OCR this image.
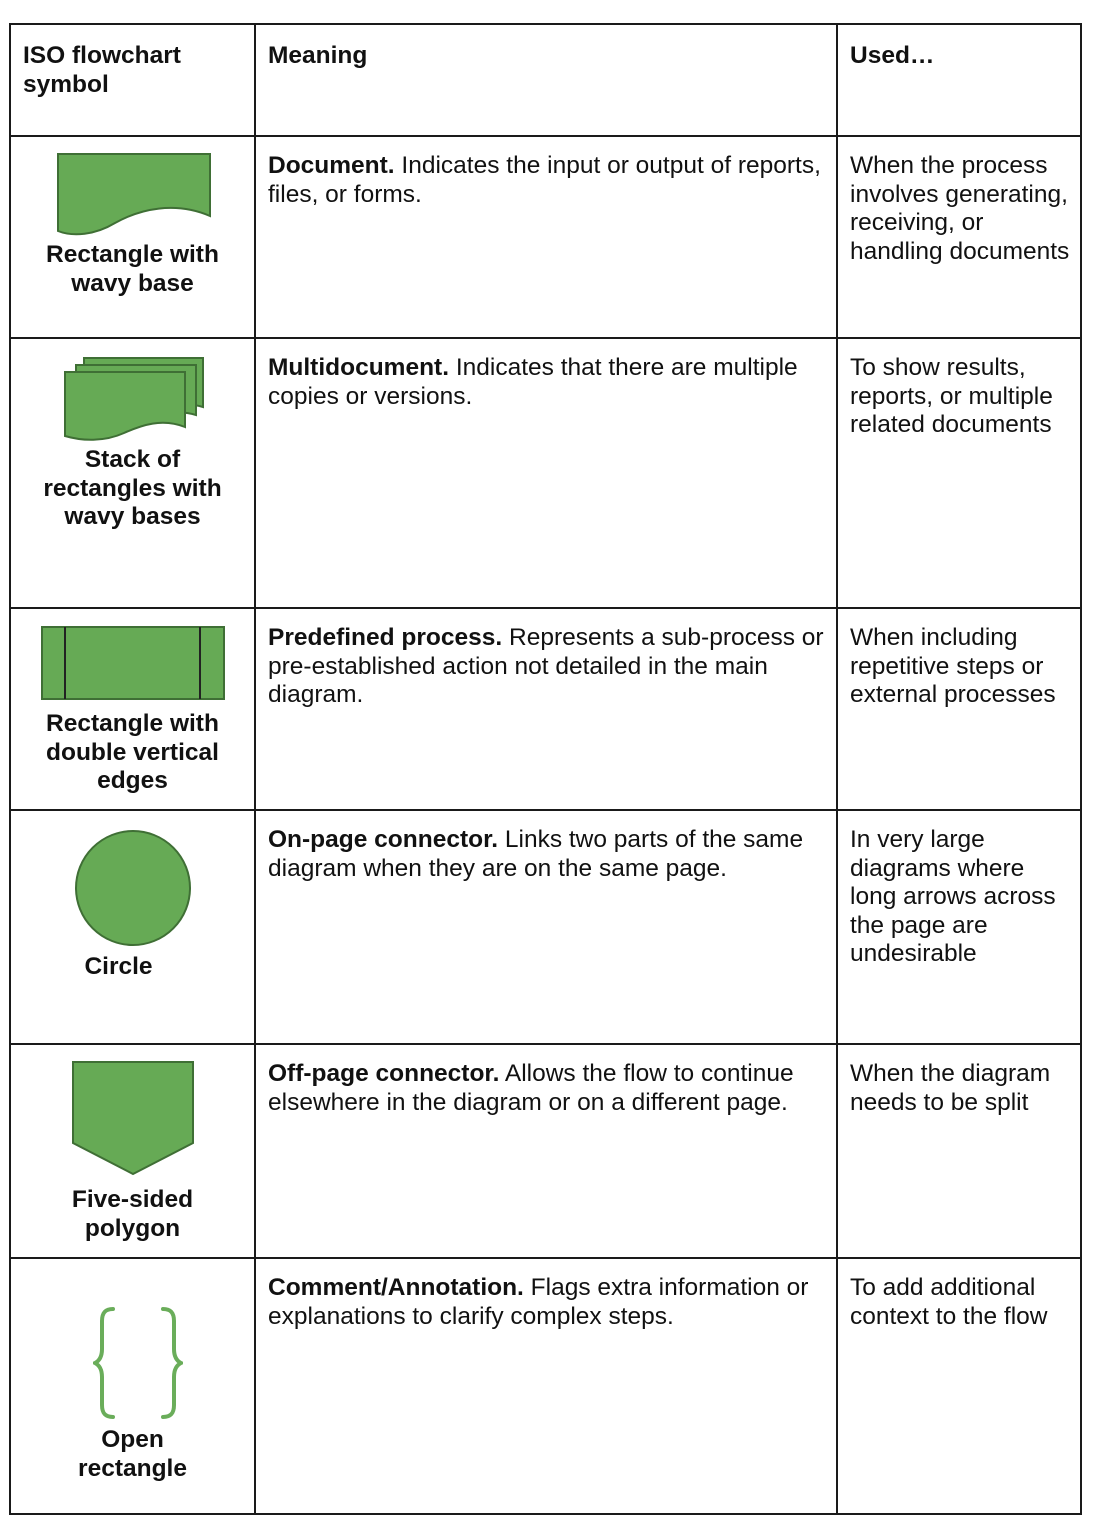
ISO flowchart symbol	Meaning	Used…

Rectangle with wavy base	Document. Indicates the input or output of reports, files, or forms.	When the process involves generating, receiving, or handling documents

Stack of rectangles with wavy bases	Multidocument. Indicates that there are multiple copies or versions.	To show results, reports, or multiple related documents

Rectangle with double vertical edges	Predefined process. Represents a sub-process or pre-established action not detailed in the main diagram.	When including repetitive steps or external processes

Circle	On-page connector. Links two parts of the same diagram when they are on the same page.	In very large diagrams where long arrows across the page are undesirable

Five-sided polygon	Off-page connector. Allows the flow to continue elsewhere in the diagram or on a different page.	When the diagram needs to be split

Open rectangle	Comment/Annotation. Flags extra information or explanations to clarify complex steps.	To add additional context to the flow
